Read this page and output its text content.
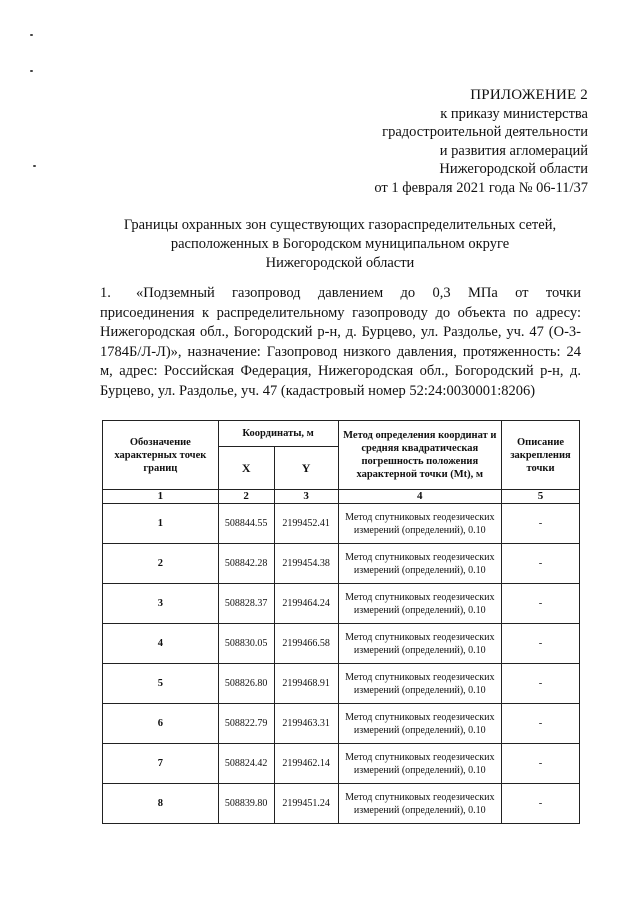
ПРИЛОЖЕНИЕ 2
к приказу министерства
градостроительной деятельности
и развития агломераций
Нижегородской области
от 1 февраля 2021 года № 06-11/37
Границы охранных зон существующих газораспределительных сетей,
расположенных в Богородском муниципальном округе
Нижегородской области
1. «Подземный газопровод давлением до 0,3 МПа от точки присоединения к распределительному газопроводу до объекта по адресу: Нижегородская обл., Богородский р-н, д. Бурцево, ул. Раздолье, уч. 47 (О-3-1784Б/Л-Л)», назначение: Газопровод низкого давления, протяженность: 24 м, адрес: Российская Федерация, Нижегородская обл., Богородский р-н, д. Бурцево, ул. Раздолье, уч. 47 (кадастровый номер 52:24:0030001:8206)
Обозначение характерных точек границ	Координаты, м		Метод определения координат и средняя квадратическая погрешность положения характерной точки (Mt), м	Описание закрепления точки
	X	Y		
1	2	3	4	5
1	508844.55	2199452.41	Метод спутниковых геодезических измерений (определений), 0.10	-
2	508842.28	2199454.38	Метод спутниковых геодезических измерений (определений), 0.10	-
3	508828.37	2199464.24	Метод спутниковых геодезических измерений (определений), 0.10	-
4	508830.05	2199466.58	Метод спутниковых геодезических измерений (определений), 0.10	-
5	508826.80	2199468.91	Метод спутниковых геодезических измерений (определений), 0.10	-
6	508822.79	2199463.31	Метод спутниковых геодезических измерений (определений), 0.10	-
7	508824.42	2199462.14	Метод спутниковых геодезических измерений (определений), 0.10	-
8	508839.80	2199451.24	Метод спутниковых геодезических измерений (определений), 0.10	-
